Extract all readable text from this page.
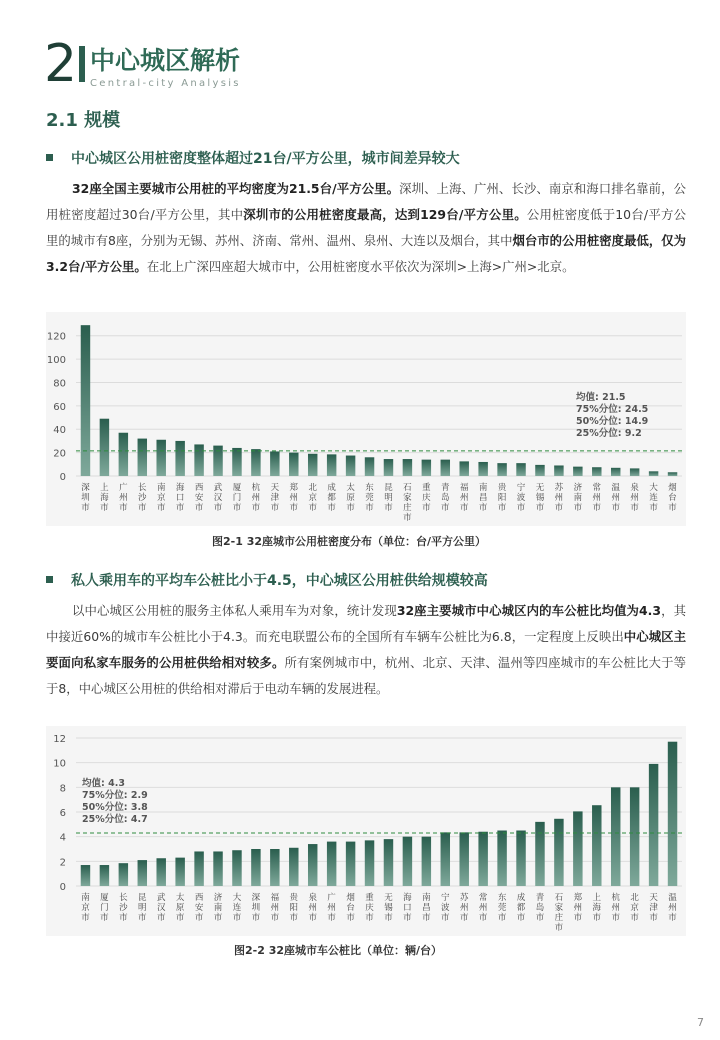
2 中心城区解析
Central-city Analysis
2.1 规模
中心城区公用桩密度整体超过21台/平方公里，城市间差异较大
32座全国主要城市公用桩的平均密度为21.5台/平方公里。深圳、上海、广州、长沙、南京和海口排名靠前，公用桩密度超过30台/平方公里，其中深圳市的公用桩密度最高，达到129台/平方公里。公用桩密度低于10台/平方公里的城市有8座，分别为无锡、苏州、济南、常州、温州、泉州、大连以及烟台，其中烟台市的公用桩密度最低，仅为3.2台/平方公里。在北上广深四座超大城市中，公用桩密度水平依次为深圳>上海>广州>北京。
0
20
40
60
80
100
120
深圳市
上海市
广州市
长沙市
南京市
海口市
西安市
武汉市
厦门市
杭州市
天津市
郑州市
北京市
成都市
太原市
东莞市
昆明市
石家庄市
重庆市
青岛市
福州市
南昌市
贵阳市
宁波市
无锡市
苏州市
济南市
常州市
温州市
泉州市
大连市
烟台市
均值: 21.5
75%分位: 24.5
50%分位: 14.9
25%分位: 9.2
图2-1 32座城市公用桩密度分布（单位：台/平方公里）
私人乘用车的平均车公桩比小于4.5，中心城区公用桩供给规模较高
以中心城区公用桩的服务主体私人乘用车为对象，统计发现32座主要城市中心城区内的车公桩比均值为4.3，其中接近60%的城市车公桩比小于4.3。而充电联盟公布的全国所有车辆车公桩比为6.8，一定程度上反映出中心城区主要面向私家车服务的公用桩供给相对较多。所有案例城市中，杭州、北京、天津、温州等四座城市的车公桩比大于等于8，中心城区公用桩的供给相对滞后于电动车辆的发展进程。
0
2
4
6
8
10
12
南京市
厦门市
长沙市
昆明市
武汉市
太原市
西安市
济南市
大连市
深圳市
福州市
贵阳市
泉州市
广州市
烟台市
重庆市
无锡市
海口市
南昌市
宁波市
苏州市
常州市
东莞市
成都市
青岛市
石家庄市
郑州市
上海市
杭州市
北京市
天津市
温州市
均值: 4.3
75%分位: 2.9
50%分位: 3.8
25%分位: 4.7
图2-2 32座城市车公桩比（单位：辆/台）
7
